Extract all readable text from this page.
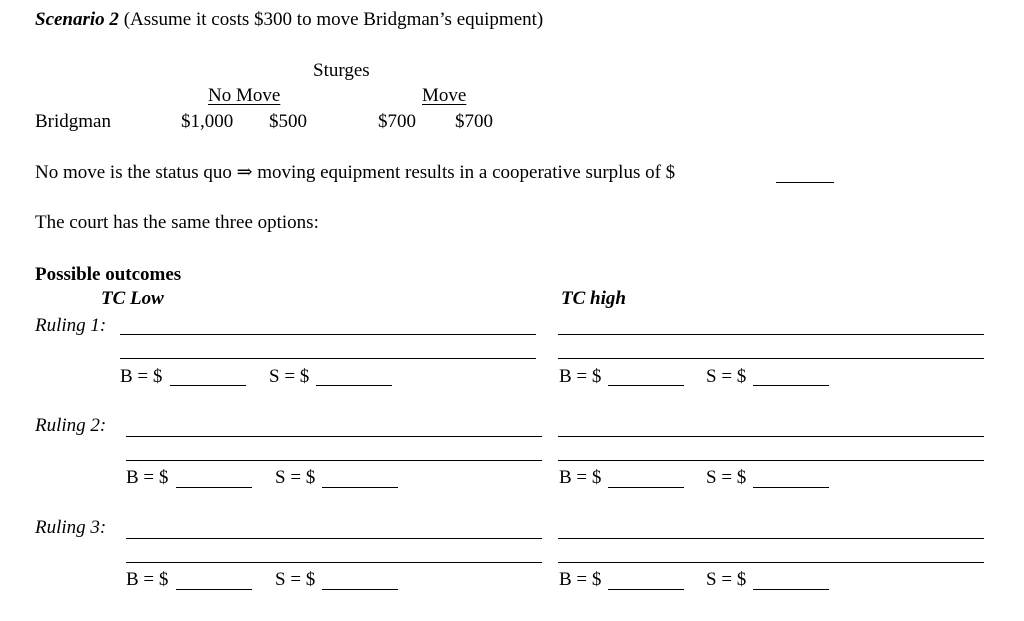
Scenario 2 (Assume it costs $300 to move Bridgman’s equipment)
Sturges
No Move	Move
Bridgman	$1,000 $500	$700 $700
No move is the status quo ⇒ moving equipment results in a cooperative surplus of $
The court has the same three options:
Possible outcomes
TC Low	TC high
Ruling 1:
B = $	S = $	B = $	S = $
Ruling 2:
B = $	S = $	B = $	S = $
Ruling 3:
B = $	S = $	B = $	S = $
